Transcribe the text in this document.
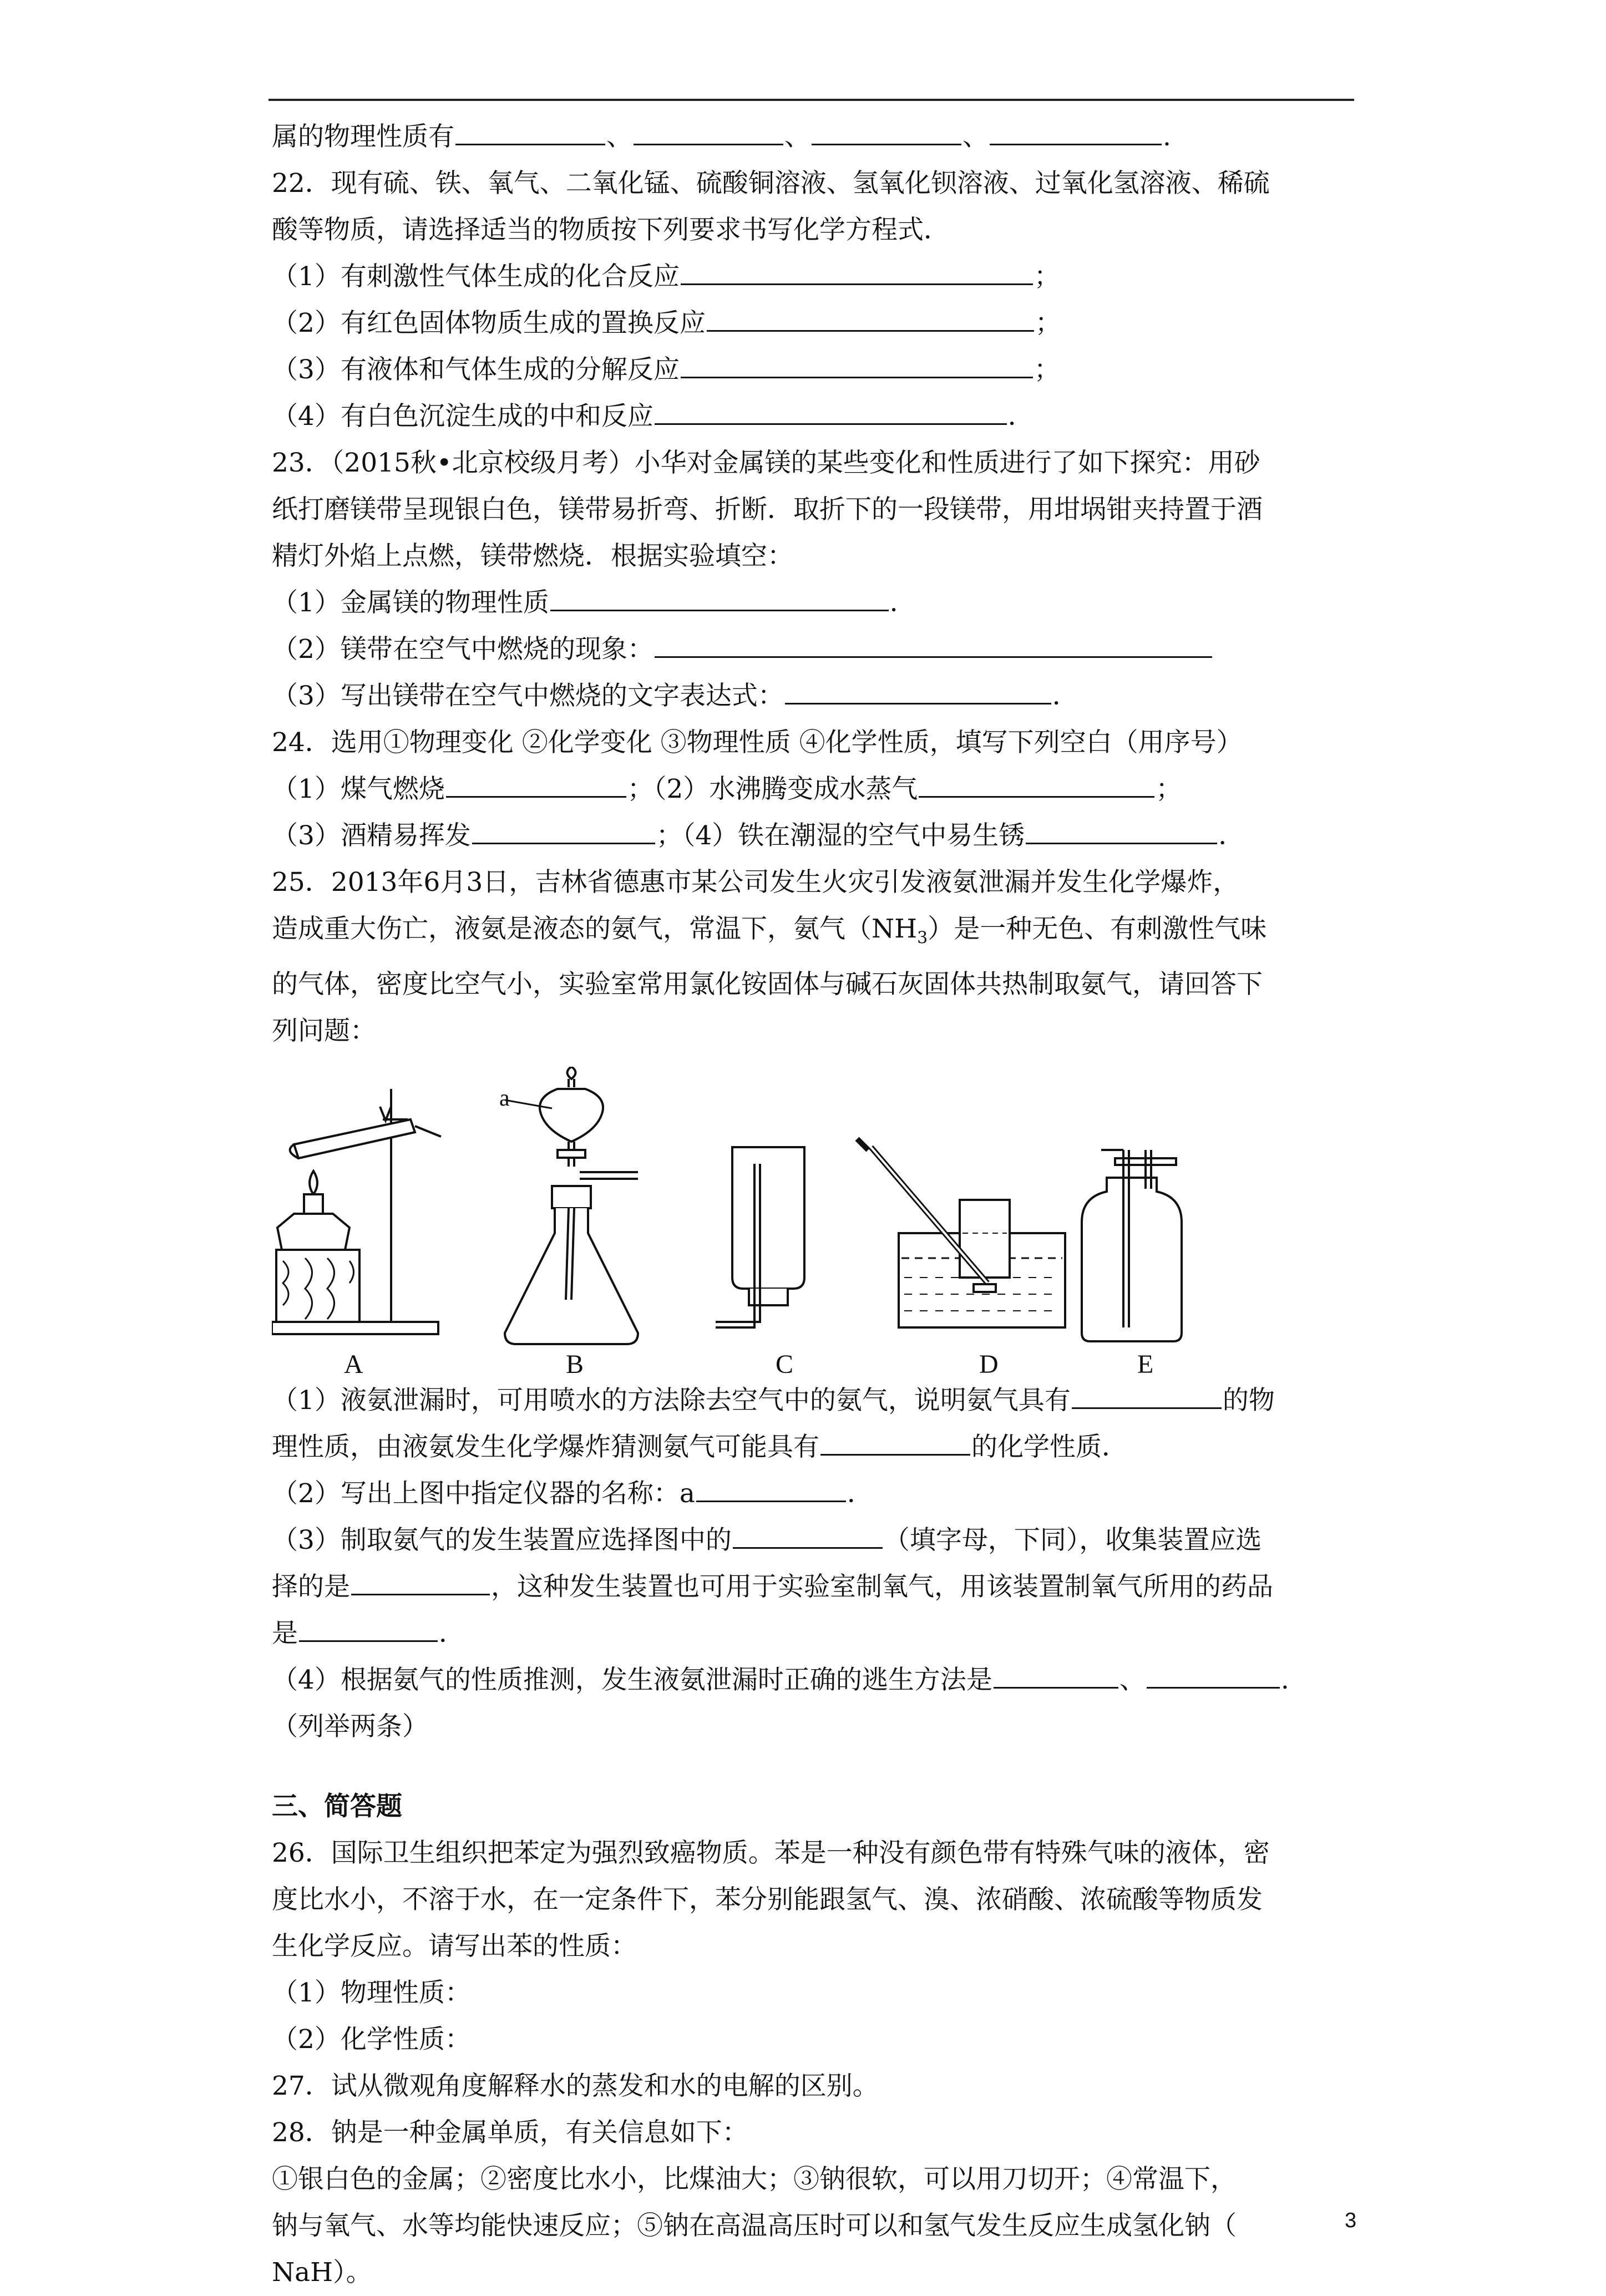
属的物理性质有	、	、	、	.
22．现有硫、铁、氧气、二氧化锰、硫酸铜溶液、氢氧化钡溶液、过氧化氢溶液、稀硫
酸等物质，请选择适当的物质按下列要求书写化学方程式．
（1）有刺激性气体生成的化合反应	；
（2）有红色固体物质生成的置换反应	；
（3）有液体和气体生成的分解反应	；
（4）有白色沉淀生成的中和反应	．
23．（2015秋•北京校级月考）小华对金属镁的某些变化和性质进行了如下探究：用砂
纸打磨镁带呈现银白色，镁带易折弯、折断．取折下的一段镁带，用坩埚钳夹持置于酒
精灯外焰上点燃，镁带燃烧．根据实验填空：
（1）金属镁的物理性质	．
（2）镁带在空气中燃烧的现象：
（3）写出镁带在空气中燃烧的文字表达式：	．
24．选用①物理变化 ②化学变化 ③物理性质 ④化学性质，填写下列空白（用序号）
（1）煤气燃烧	；（2）水沸腾变成水蒸气	；
（3）酒精易挥发	；（4）铁在潮湿的空气中易生锈	．
25．2013年6月3日，吉林省德惠市某公司发生火灾引发液氨泄漏并发生化学爆炸，
造成重大伤亡，液氨是液态的氨气，常温下，氨气$(NH_3)$是一种无色、有刺激性气味
的气体，密度比空气小，实验室常用氯化铵固体与碱石灰固体共热制取氨气，请回答下
列问题：
A
a
B	C	D	E
（1）液氨泄漏时，可用喷水的方法除去空气中的氨气，说明氨气具有	的物
理性质，由液氨发生化学爆炸猜测氨气可能具有	的化学性质．
（2）写出上图中指定仪器的名称：a	．
（3）制取氨气的发生装置应选择图中的	（填字母，下同），收集装置应选
择的是	，这种发生装置也可用于实验室制氧气，用该装置制氧气所用的药品
是	．
（4）根据氨气的性质推测，发生液氨泄漏时正确的逃生方法是	、	.
（列举两条）
三、简答题
26．国际卫生组织把苯定为强烈致癌物质。苯是一种没有颜色带有特殊气味的液体，密
度比水小，不溶于水，在一定条件下，苯分别能跟氢气、溴、浓硝酸、浓硫酸等物质发
生化学反应。请写出苯的性质：
（1）物理性质：
（2）化学性质：
27．试从微观角度解释水的蒸发和水的电解的区别。
28．钠是一种金属单质，有关信息如下：
①银白色的金属；②密度比水小，比煤油大；③钠很软，可以用刀切开；④常温下，
钠与氧气、水等均能快速反应；⑤钠在高温高压时可以和氢气发生反应生成氢化钠（
NaH）。
3
